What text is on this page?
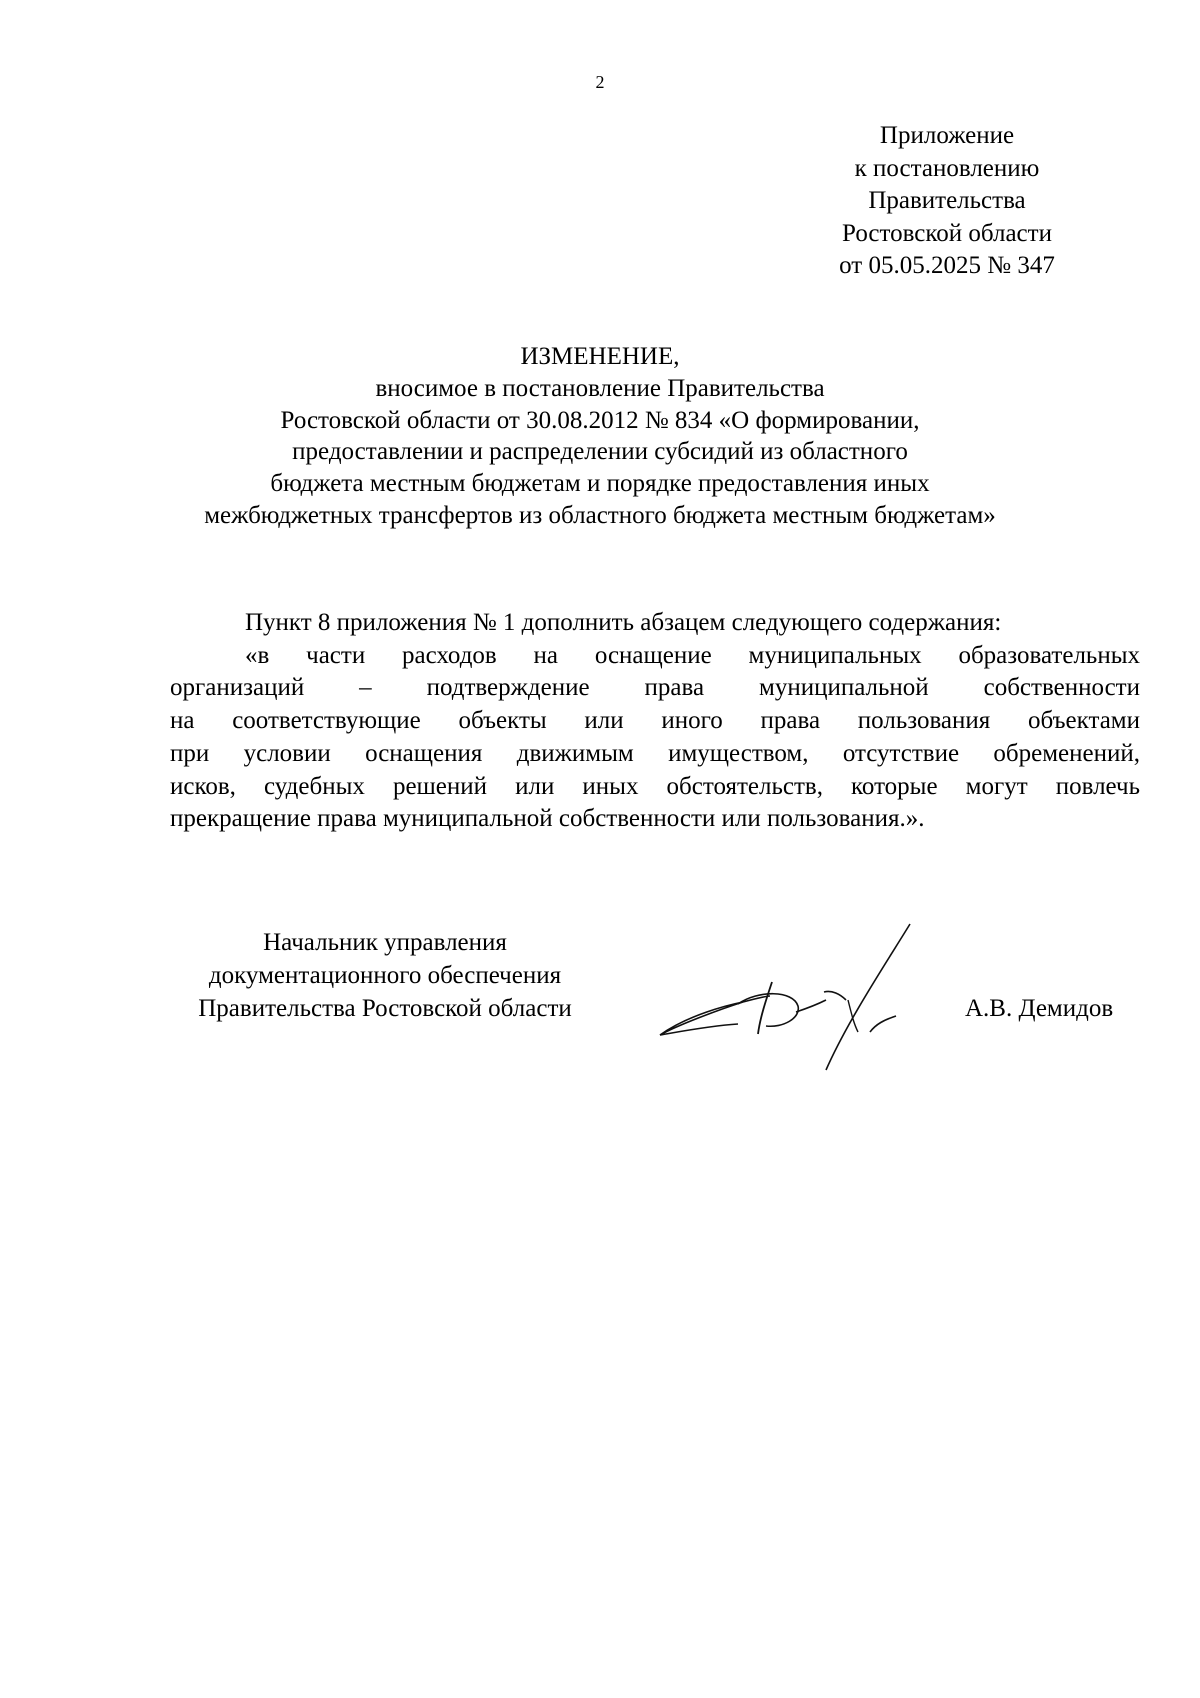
2
Приложение
к постановлению
Правительства
Ростовской области
от 05.05.2025 № 347
ИЗМЕНЕНИЕ,
вносимое в постановление Правительства
Ростовской области от 30.08.2012 № 834 «О формировании,
предоставлении и распределении субсидий из областного
бюджета местным бюджетам и порядке предоставления иных
межбюджетных трансфертов из областного бюджета местным бюджетам»
Пункт 8 приложения № 1 дополнить абзацем следующего содержания:
«в части расходов на оснащение муниципальных образовательных
организаций – подтверждение права муниципальной собственности
на соответствующие объекты или иного права пользования объектами
при условии оснащения движимым имуществом, отсутствие обременений,
исков, судебных решений или иных обстоятельств, которые могут повлечь
прекращение права муниципальной собственности или пользования.».
Начальник управления
документационного обеспечения
Правительства Ростовской области	А.В. Демидов
